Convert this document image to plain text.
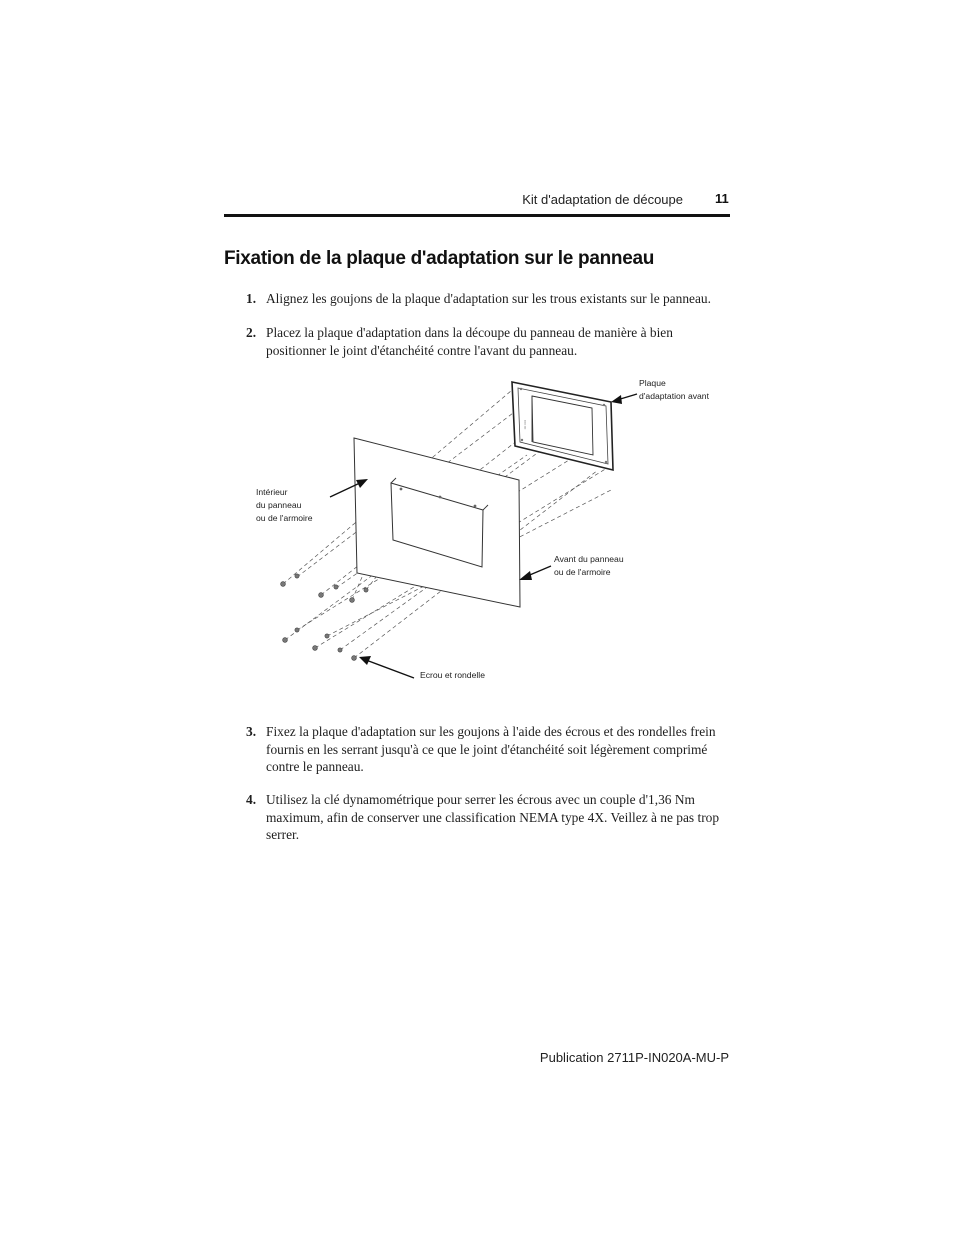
Kit d'adaptation de découpe 11
Fixation de la plaque d'adaptation sur le panneau
1. Alignez les goujons de la plaque d'adaptation sur les trous existants sur le panneau.
2. Placez la plaque d'adaptation dans la découpe du panneau de manière à bien positionner le joint d'étanchéité contre l'avant du panneau.
▪▪▪▪ ▪▪▪
Plaque
d'adaptation avant
Intérieur
du panneau
ou de l'armoire
Avant du panneau
ou de l'armoire
Ecrou et rondelle
3. Fixez la plaque d'adaptation sur les goujons à l'aide des écrous et des rondelles frein fournis en les serrant jusqu'à ce que le joint d'étanchéité soit légèrement comprimé contre le panneau.
4. Utilisez la clé dynamométrique pour serrer les écrous avec un couple d'1,36 Nm maximum, afin de conserver une classification NEMA type 4X. Veillez à ne pas trop serrer.
Publication 2711P-IN020A-MU-P
